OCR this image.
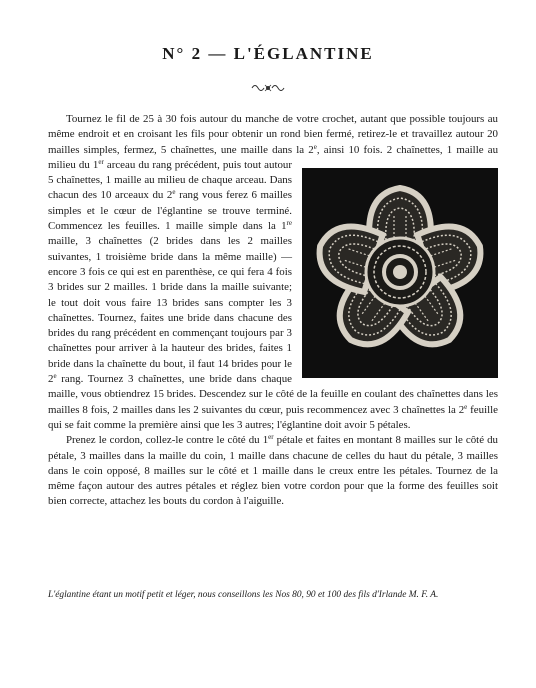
N° 2 — L'ÉGLANTINE

Tournez le fil de 25 à 30 fois autour du manche de votre crochet, autant que possible toujours au même endroit et en croisant les fils pour obtenir un rond bien fermé, retirez-le et travaillez autour 20 mailles simples, fermez, 5 chaînettes, une maille dans la 2e, ainsi 10 fois. 2 chaînettes, 1 maille au milieu du 1er
arceau du rang précédent, puis tout autour 5 chaînettes, 1 maille au milieu de chaque arceau. Dans chacun des 10 arceaux du 2e rang vous ferez 6 mailles simples et le cœur de l'églantine se trouve terminé. Commencez les feuilles. 1 maille simple dans la 1re maille, 3 chaînettes (2 brides dans les 2 mailles suivantes, 1 troisième bride dans la même maille) — encore 3 fois ce qui est en parenthèse, ce qui fera 4 fois 3 brides sur 2 mailles. 1 bride dans la maille suivante; le tout doit vous faire 13 brides sans compter les 3 chaînettes. Tournez, faites une bride dans chacune des brides du rang précédent en commençant toujours par 3 chaînettes pour arriver à la hauteur des brides, faites 1 bride dans la chaînette du bout, il faut 14 brides pour le 2e rang. Tournez 3 chaînettes, une bride dans chaque maille, vous obtiendrez 15 brides. Descendez sur le côté de la feuille en coulant des chaînettes dans les mailles 8 fois, 2 mailles dans les 2 suivantes du cœur, puis recommencez avec 3 chaînettes la 2e feuille qui se fait comme la première ainsi que les 3 autres; l'églantine doit avoir 5 pétales.

Prenez le cordon, collez-le contre le côté du 1er pétale et faites en montant 8 mailles sur le côté du pétale, 3 mailles dans la maille du coin, 1 maille dans chacune de celles du haut du pétale, 3 mailles dans le coin opposé, 8 mailles sur le côté et 1 maille dans le creux entre les pétales. Tournez de la même façon autour des autres pétales et réglez bien votre cordon pour que la forme des feuilles soit bien correcte, attachez les bouts du cordon à l'aiguille.

L'églantine étant un motif petit et léger, nous conseillons les Nos 80, 90 et 100 des fils d'Irlande M. F. A.
